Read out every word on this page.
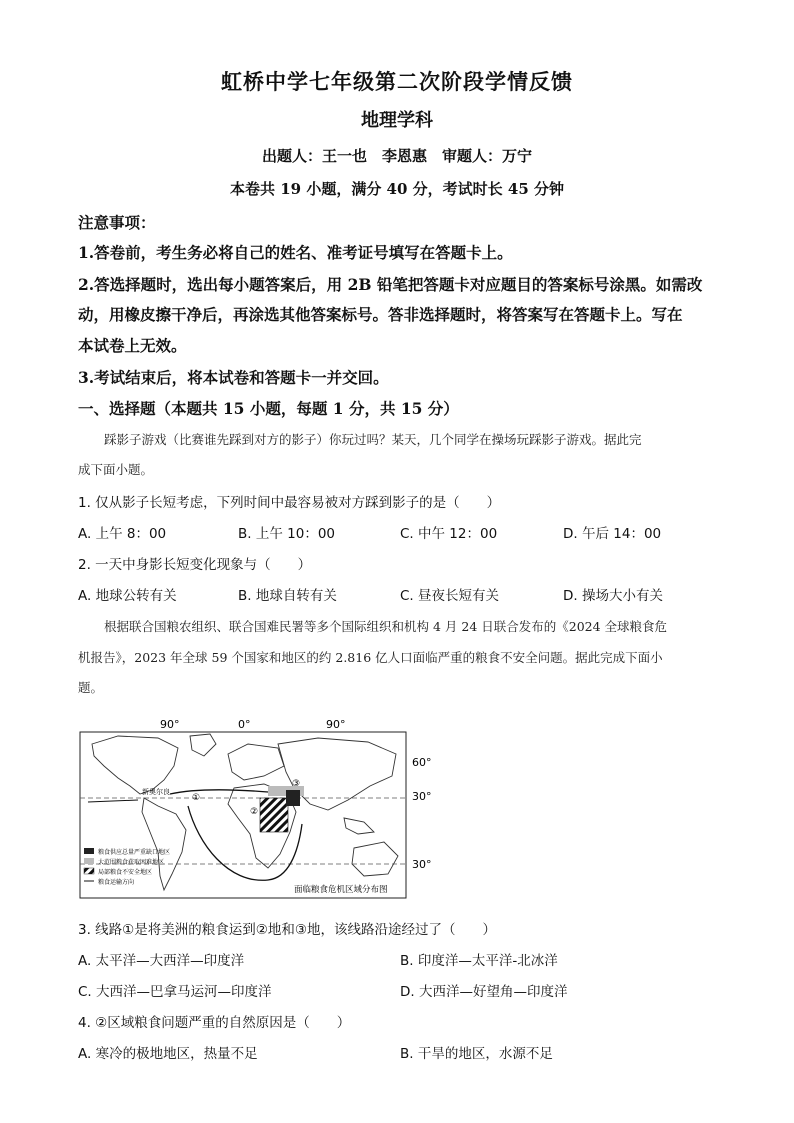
虹桥中学七年级第二次阶段学情反馈
地理学科
出题人：王一也　李恩惠　审题人：万宁
本卷共 19 小题，满分 40 分，考试时长 45 分钟
注意事项：
1.答卷前，考生务必将自己的姓名、准考证号填写在答题卡上。
2.答选择题时，选出每小题答案后，用 2B 铅笔把答题卡对应题目的答案标号涂黑。如需改
动，用橡皮擦干净后，再涂选其他答案标号。答非选择题时，将答案写在答题卡上。写在
本试卷上无效。
3.考试结束后，将本试卷和答题卡一并交回。
一、选择题（本题共 15 小题，每题 1 分，共 15 分）
踩影子游戏（比赛谁先踩到对方的影子）你玩过吗？某天，几个同学在操场玩踩影子游戏。据此完
成下面小题。
1. 仅从影子长短考虑，下列时间中最容易被对方踩到影子的是（　　）
A. 上午 8：00	B. 上午 10：00	C. 中午 12：00	D. 午后 14：00
2. 一天中身影长短变化现象与（　　）
A. 地球公转有关	B. 地球自转有关	C. 昼夜长短有关	D. 操场大小有关
根据联合国粮农组织、联合国难民署等多个国际组织和机构 4 月 24 日联合发布的《2024 全球粮食危
机报告》，2023 年全球 59 个国家和地区的约 2.816 亿人口面临严重的粮食不安全问题。据此完成下面小
题。
90°	0°	90°
60°
30°
30°
新奥尔良
①
②
③
粮食供应总量严重缺口地区
大范围粮食获取困难地区
局部粮食不安全地区
粮食运输方向
面临粮食危机区域分布图
3. 线路①是将美洲的粮食运到②地和③地，该线路沿途经过了（　　）
A. 太平洋—大西洋—印度洋	B. 印度洋—太平洋-北冰洋
C. 大西洋—巴拿马运河—印度洋	D. 大西洋—好望角—印度洋
4. ②区域粮食问题严重的自然原因是（　　）
A. 寒冷的极地地区，热量不足	B. 干旱的地区，水源不足
